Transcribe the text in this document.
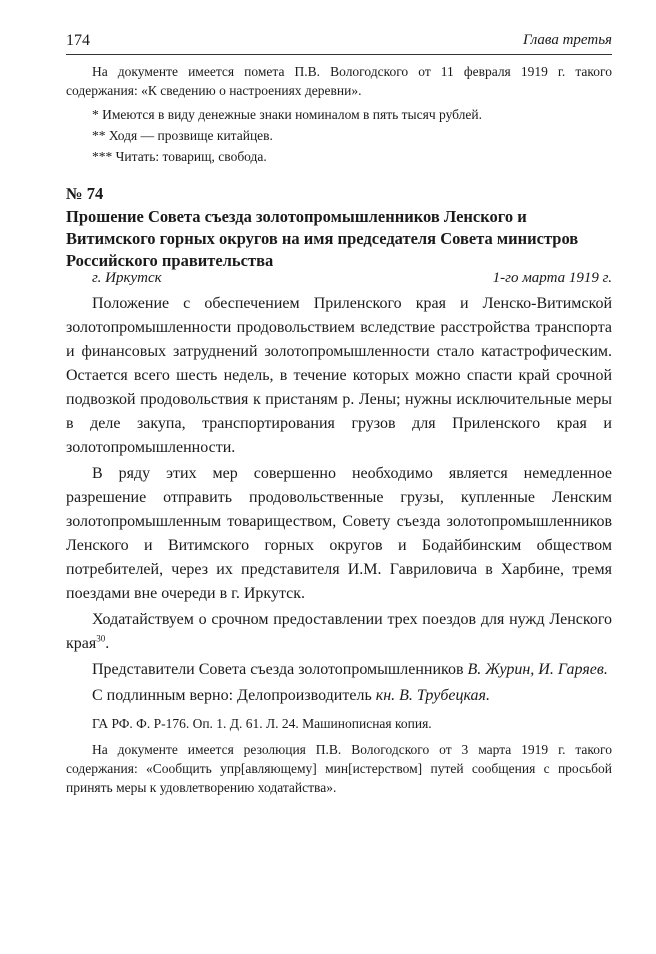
174	Глава третья

На документе имеется помета П.В. Вологодского от 11 февраля 1919 г. такого содержания: «К сведению о настроениях деревни».

* Имеются в виду денежные знаки номиналом в пять тысяч рублей.

** Ходя — прозвище китайцев.

*** Читать: товарищ, свобода.

№ 74

Прошение Совета съезда золотопромышленников Ленского и Витимского горных округов на имя председателя Совета министров Российского правительства

г. Иркутск	1-го марта 1919 г.

Положение с обеспечением Приленского края и Ленско-Витимской золотопромышленности продовольствием вследствие расстройства транспорта и финансовых затруднений золотопромышленности стало катастрофическим. Остается всего шесть недель, в течение которых можно спасти край срочной подвозкой продовольствия к пристаням р. Лены; нужны исключительные меры в деле закупа, транспортирования грузов для Приленского края и золотопромышленности.

В ряду этих мер совершенно необходимо является немедленное разрешение отправить продовольственные грузы, купленные Ленским золотопромышленным товариществом, Совету съезда золотопромышленников Ленского и Витимского горных округов и Бодайбинским обществом потребителей, через их представителя И.М. Гавриловича в Харбине, тремя поездами вне очереди в г. Иркутск.

Ходатайствуем о срочном предоставлении трех поездов для нужд Ленского края$^{30}$.

Представители Совета съезда золотопромышленников В. Журин, И. Гаряев.

С подлинным верно: Делопроизводитель кн. В. Трубецкая.

ГА РФ. Ф. Р-176. Оп. 1. Д. 61. Л. 24. Машинописная копия.

На документе имеется резолюция П.В. Вологодского от 3 марта 1919 г. такого содержания: «Сообщить упр[авляющему] мин[истерством] путей сообщения с просьбой принять меры к удовлетворению ходатайства».
